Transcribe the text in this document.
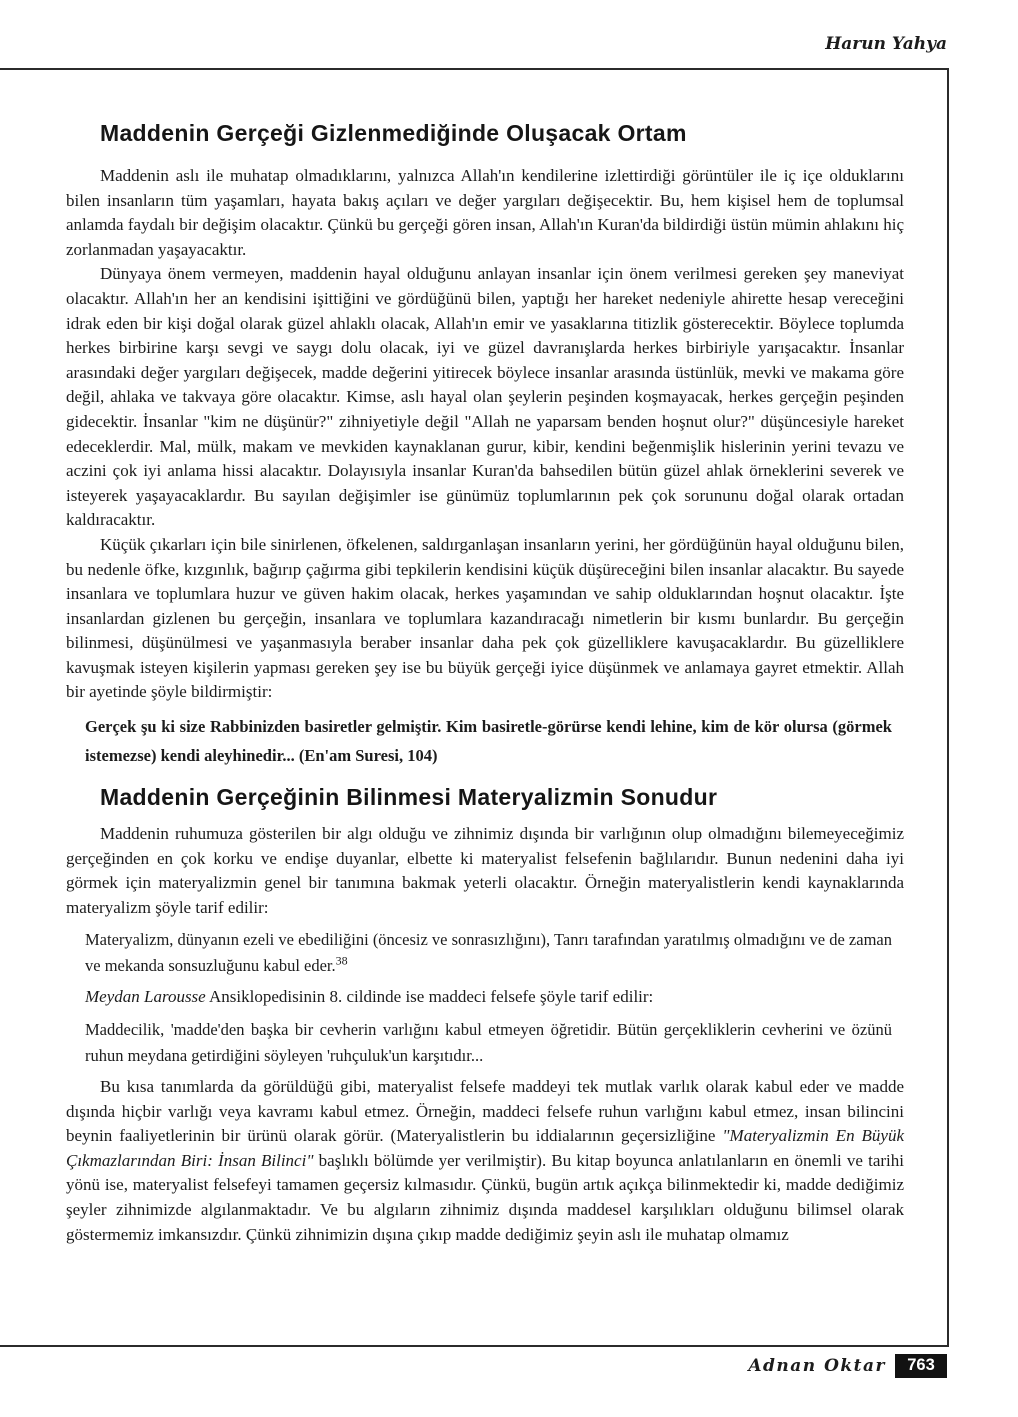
Harun Yahya
Maddenin Gerçeği Gizlenmediğinde Oluşacak Ortam

Maddenin aslı ile muhatap olmadıklarını, yalnızca Allah'ın kendilerine izlettirdiği görüntüler ile iç içe olduklarını bilen insanların tüm yaşamları, hayata bakış açıları ve değer yargıları değişecektir. Bu, hem kişisel hem de toplumsal anlamda faydalı bir değişim olacaktır. Çünkü bu gerçeği gören insan, Allah'ın Kuran'da bildirdiği üstün mümin ahlakını hiç zorlanmadan yaşayacaktır.

Dünyaya önem vermeyen, maddenin hayal olduğunu anlayan insanlar için önem verilmesi gereken şey maneviyat olacaktır. Allah'ın her an kendisini işittiğini ve gördüğünü bilen, yaptığı her hareket nedeniyle ahirette hesap vereceğini idrak eden bir kişi doğal olarak güzel ahlaklı olacak, Allah'ın emir ve yasaklarına titizlik gösterecektir. Böylece toplumda herkes birbirine karşı sevgi ve saygı dolu olacak, iyi ve güzel davranışlarda herkes birbiriyle yarışacaktır. İnsanlar arasındaki değer yargıları değişecek, madde değerini yitirecek böylece insanlar arasında üstünlük, mevki ve makama göre değil, ahlaka ve takvaya göre olacaktır. Kimse, aslı hayal olan şeylerin peşinden koşmayacak, herkes gerçeğin peşinden gidecektir. İnsanlar "kim ne düşünür?" zihniyetiyle değil "Allah ne yaparsam benden hoşnut olur?" düşüncesiyle hareket edeceklerdir. Mal, mülk, makam ve mevkiden kaynaklanan gurur, kibir, kendini beğenmişlik hislerinin yerini tevazu ve aczini çok iyi anlama hissi alacaktır. Dolayısıyla insanlar Kuran'da bahsedilen bütün güzel ahlak örneklerini severek ve isteyerek yaşayacaklardır. Bu sayılan değişimler ise günümüz toplumlarının pek çok sorununu doğal olarak ortadan kaldıracaktır.

Küçük çıkarları için bile sinirlenen, öfkelenen, saldırganlaşan insanların yerini, her gördüğünün hayal olduğunu bilen, bu nedenle öfke, kızgınlık, bağırıp çağırma gibi tepkilerin kendisini küçük düşüreceğini bilen insanlar alacaktır. Bu sayede insanlara ve toplumlara huzur ve güven hakim olacak, herkes yaşamından ve sahip olduklarından hoşnut olacaktır. İşte insanlardan gizlenen bu gerçeğin, insanlara ve toplumlara kazandıracağı nimetlerin bir kısmı bunlardır. Bu gerçeğin bilinmesi, düşünülmesi ve yaşanmasıyla beraber insanlar daha pek çok güzelliklere kavuşacaklardır. Bu güzelliklere kavuşmak isteyen kişilerin yapması gereken şey ise bu büyük gerçeği iyice düşünmek ve anlamaya gayret etmektir. Allah bir ayetinde şöyle bildirmiştir:

Gerçek şu ki size Rabbinizden basiretler gelmiştir. Kim basiretle-görürse kendi lehine, kim de kör olursa (görmek istemezse) kendi aleyhinedir... (En'am Suresi, 104)
Maddenin Gerçeğinin Bilinmesi Materyalizmin Sonudur

Maddenin ruhumuza gösterilen bir algı olduğu ve zihnimiz dışında bir varlığının olup olmadığını bilemeyeceğimiz gerçeğinden en çok korku ve endişe duyanlar, elbette ki materyalist felsefenin bağlılarıdır. Bunun nedenini daha iyi görmek için materyalizmin genel bir tanımına bakmak yeterli olacaktır. Örneğin materyalistlerin kendi kaynaklarında materyalizm şöyle tarif edilir:

Materyalizm, dünyanın ezeli ve ebediliğini (öncesiz ve sonrasızlığını), Tanrı tarafından yaratılmış olmadığını ve de zaman ve mekanda sonsuzluğunu kabul eder.$^{38}$

Meydan Larousse Ansiklopedisinin 8. cildinde ise maddeci felsefe şöyle tarif edilir:

Maddecilik, 'madde'den başka bir cevherin varlığını kabul etmeyen öğretidir. Bütün gerçekliklerin cevherini ve özünü ruhun meydana getirdiğini söyleyen 'ruhçuluk'un karşıtıdır...

Bu kısa tanımlarda da görüldüğü gibi, materyalist felsefe maddeyi tek mutlak varlık olarak kabul eder ve madde dışında hiçbir varlığı veya kavramı kabul etmez. Örneğin, maddeci felsefe ruhun varlığını kabul etmez, insan bilincini beynin faaliyetlerinin bir ürünü olarak görür. (Materyalistlerin bu iddialarının geçersizliğine "Materyalizmin En Büyük Çıkmazlarından Biri: İnsan Bilinci" başlıklı bölümde yer verilmiştir). Bu kitap boyunca anlatılanların en önemli ve tarihi yönü ise, materyalist felsefeyi tamamen geçersiz kılmasıdır. Çünkü, bugün artık açıkça bilinmektedir ki, madde dediğimiz şeyler zihnimizde algılanmaktadır. Ve bu algıların zihnimiz dışında maddesel karşılıkları olduğunu bilimsel olarak göstermemiz imkansızdır. Çünkü zihnimizin dışına çıkıp madde dediğimiz şeyin aslı ile muhatap olmamız

Adnan Oktar	763
